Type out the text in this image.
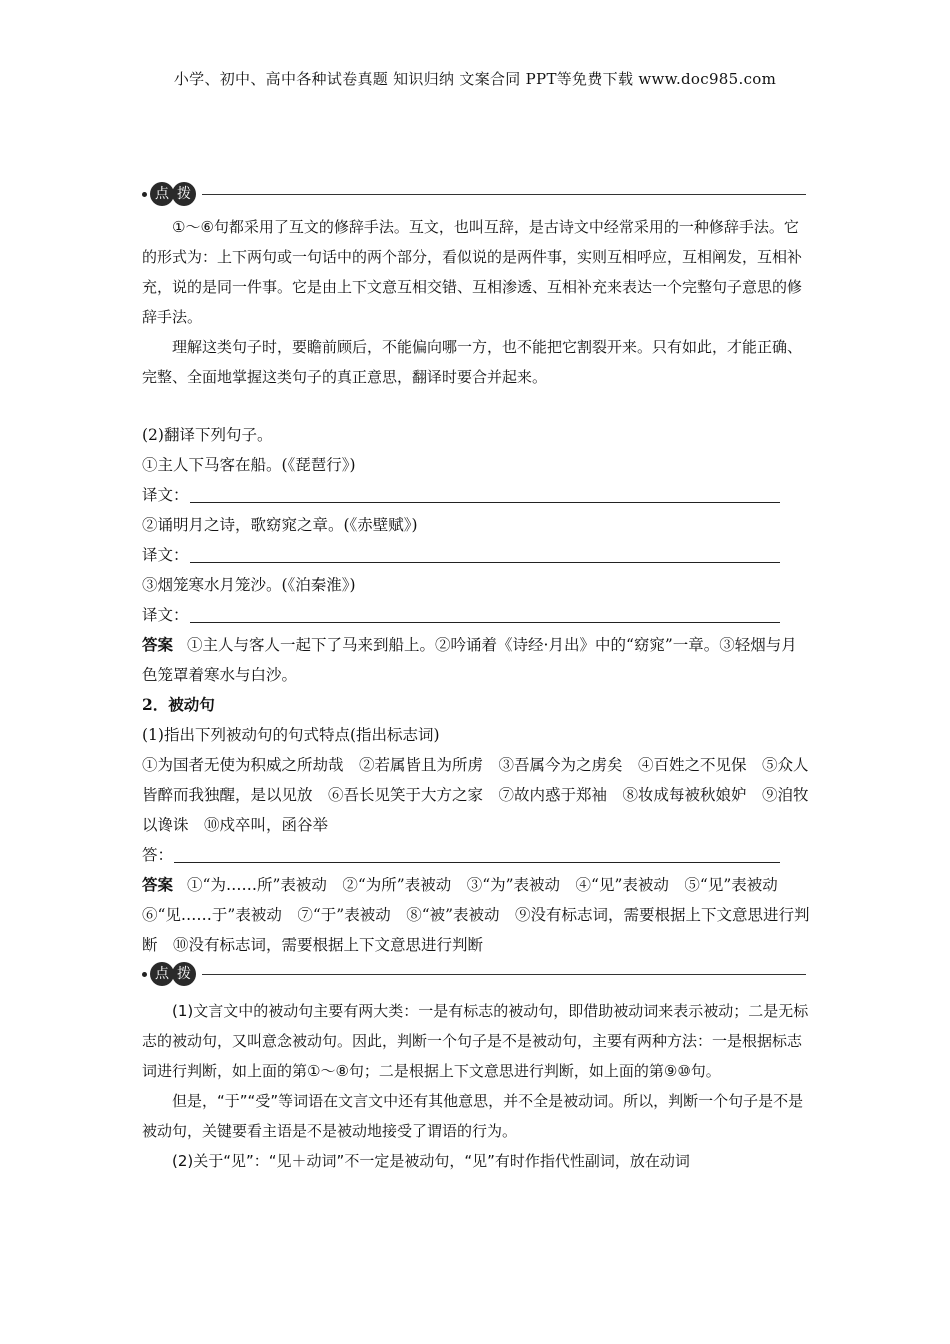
小学、初中、高中各种试卷真题 知识归纳 文案合同 PPT等免费下载 www.doc985.com
点 拨

①～⑥句都采用了互文的修辞手法。互文，也叫互辞，是古诗文中经常采用的一种修辞手法。它的形式为：上下两句或一句话中的两个部分，看似说的是两件事，实则互相呼应，互相阐发，互相补充，说的是同一件事。它是由上下文意互相交错、互相渗透、互相补充来表达一个完整句子意思的修辞手法。

理解这类句子时，要瞻前顾后，不能偏向哪一方，也不能把它割裂开来。只有如此，才能正确、完整、全面地掌握这类句子的真正意思，翻译时要合并起来。

(2)翻译下列句子。

①主人下马客在船。(《琵琶行》)

译文：

②诵明月之诗，歌窈窕之章。(《赤壁赋》)

译文：

③烟笼寒水月笼沙。(《泊秦淮》)

译文：

答案 ①主人与客人一起下了马来到船上。②吟诵着《诗经·月出》中的“窈窕”一章。③轻烟与月色笼罩着寒水与白沙。

2．被动句

(1)指出下列被动句的句式特点(指出标志词)

①为国者无使为积威之所劫哉　②若属皆且为所虏　③吾属今为之虏矣　④百姓之不见保　⑤众人皆醉而我独醒，是以见放　⑥吾长见笑于大方之家　⑦故内惑于郑袖　⑧妆成每被秋娘妒　⑨洎牧以谗诛　⑩戍卒叫，函谷举

答：

答案 ①“为……所”表被动　②“为所”表被动　③“为”表被动　④“见”表被动　⑤“见”表被动　⑥“见……于”表被动　⑦“于”表被动　⑧“被”表被动　⑨没有标志词，需要根据上下文意思进行判断　⑩没有标志词，需要根据上下文意思进行判断

点 拨

(1)文言文中的被动句主要有两大类：一是有标志的被动句，即借助被动词来表示被动；二是无标志的被动句，又叫意念被动句。因此，判断一个句子是不是被动句，主要有两种方法：一是根据标志词进行判断，如上面的第①～⑧句；二是根据上下文意思进行判断，如上面的第⑨⑩句。

但是，“于”“受”等词语在文言文中还有其他意思，并不全是被动词。所以，判断一个句子是不是被动句，关键要看主语是不是被动地接受了谓语的行为。

(2)关于“见”：“见＋动词”不一定是被动句，“见”有时作指代性副词，放在动词
